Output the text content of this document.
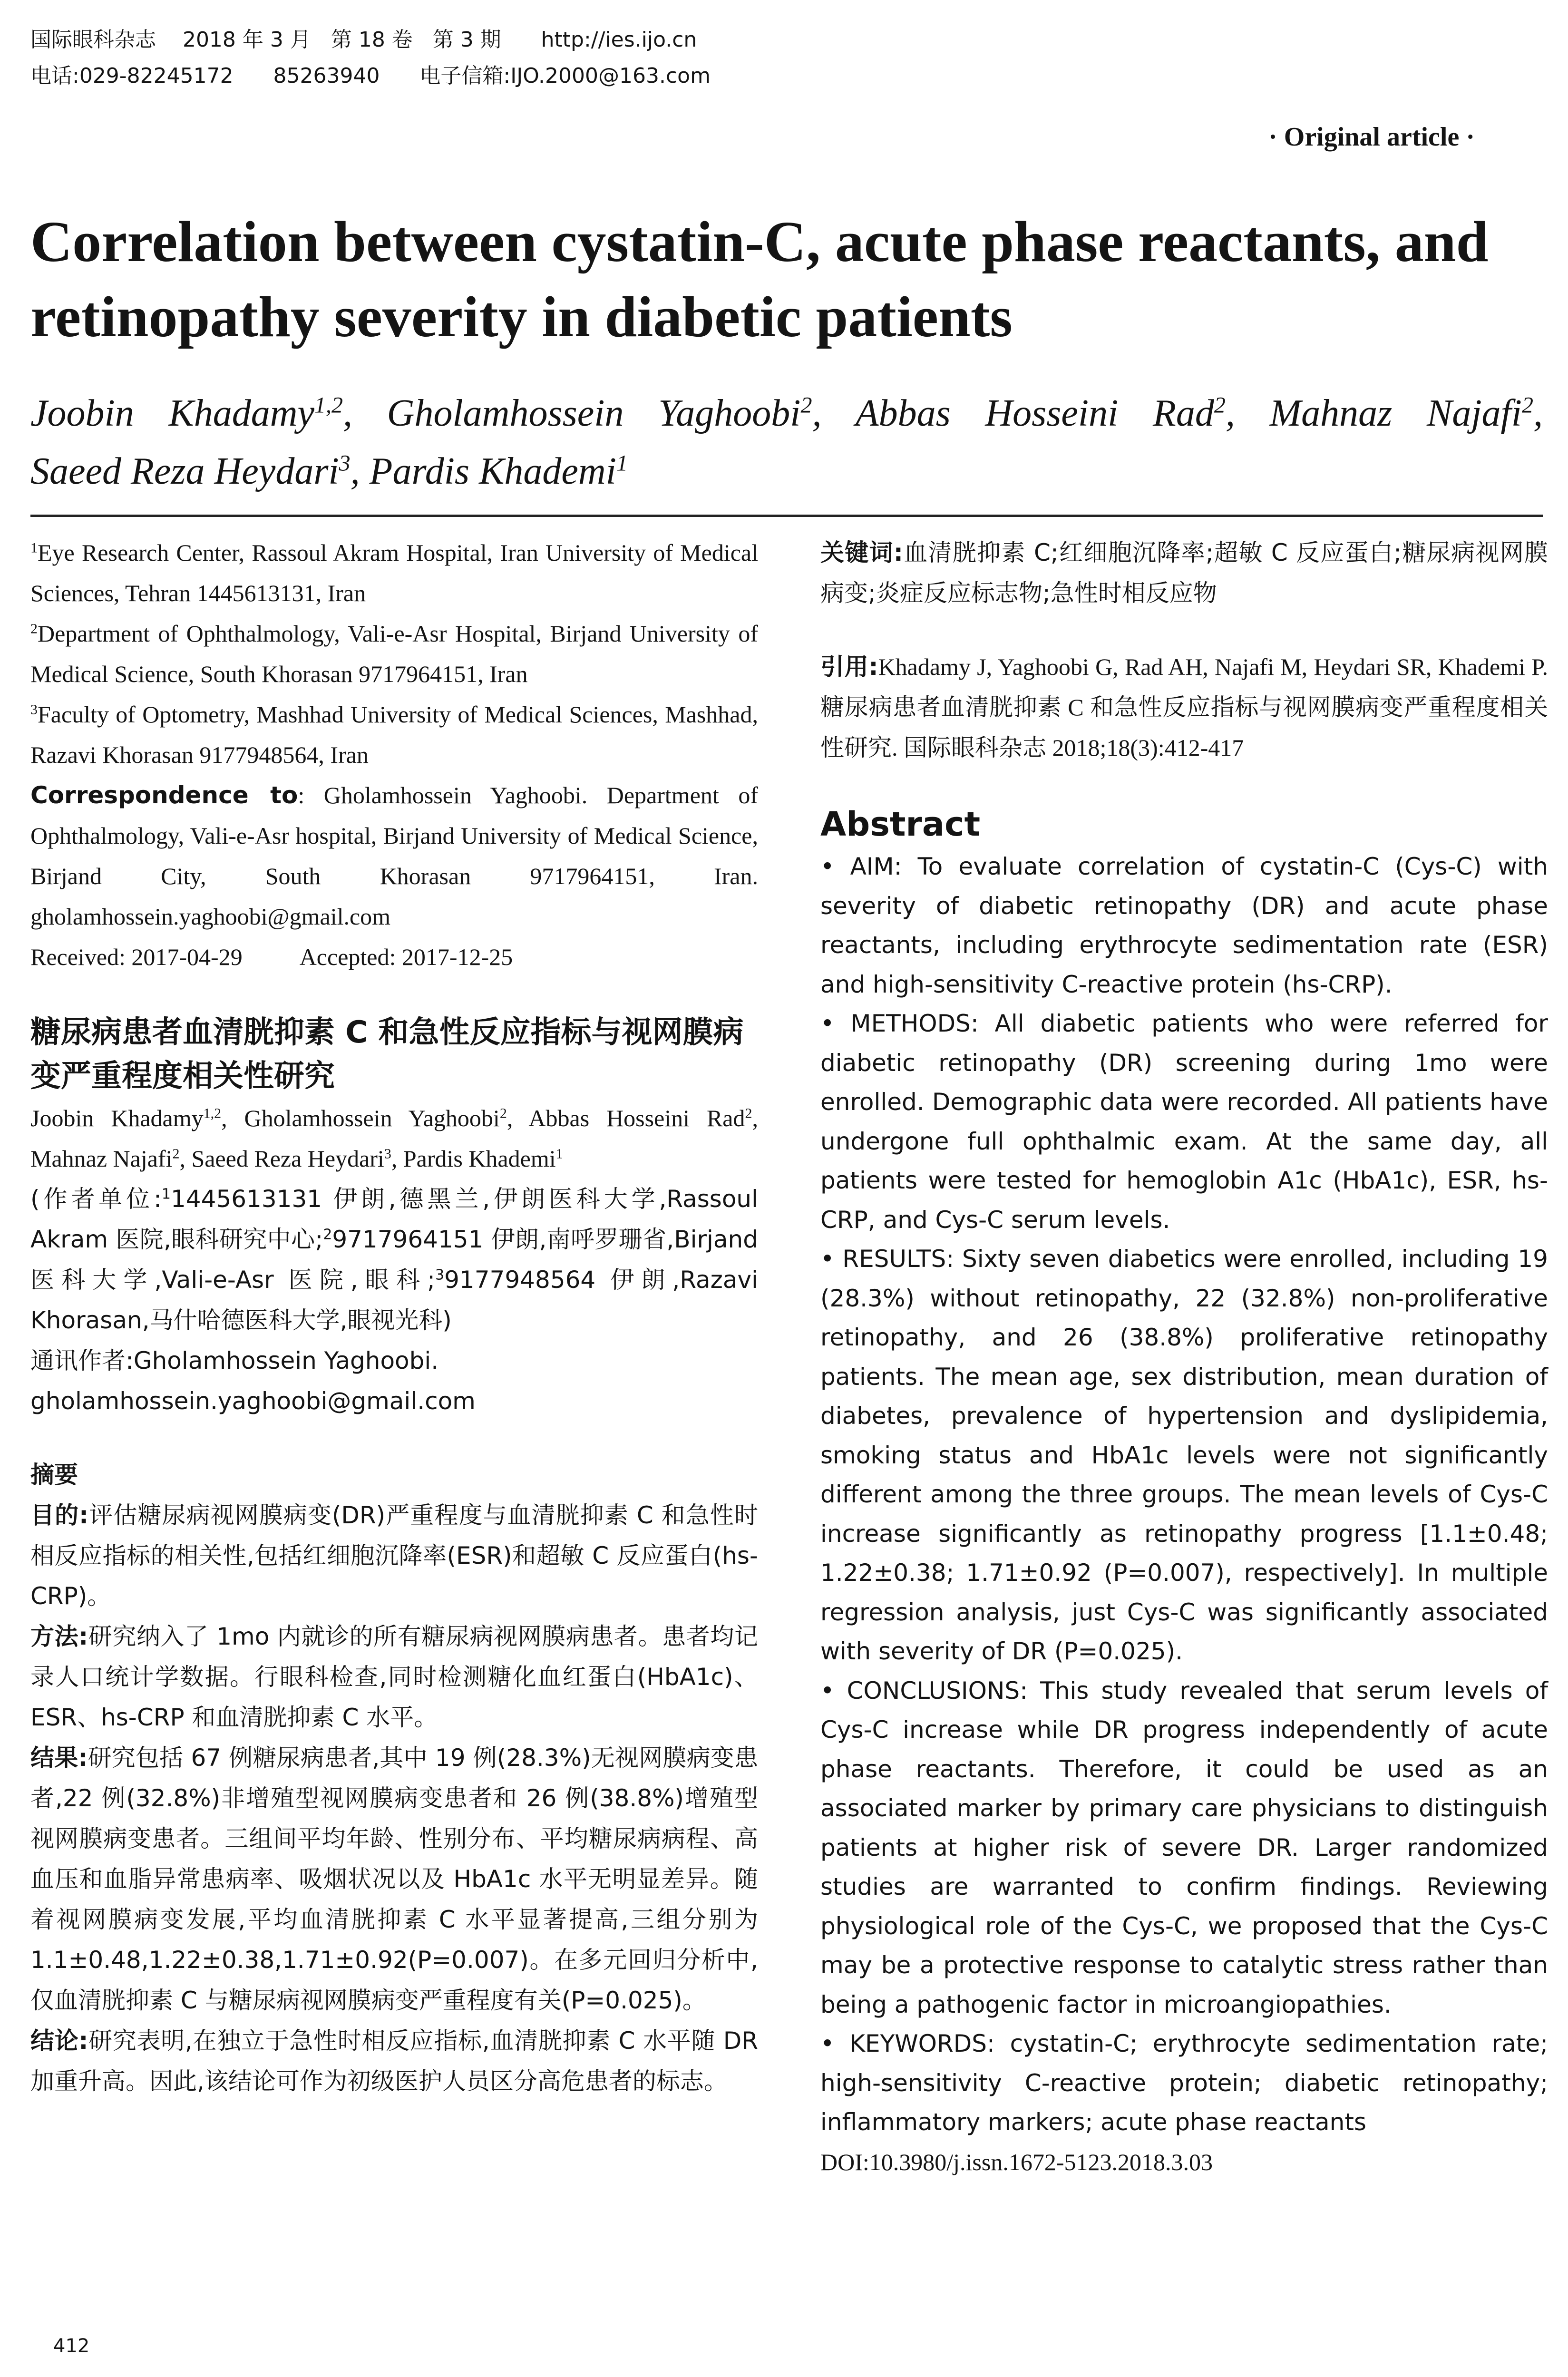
国际眼科杂志    2018 年 3 月   第 18 卷   第 3 期      http://ies.ijo.cn
电话:029-82245172      85263940      电子信箱:IJO.2000@163.com
· Original article ·
Correlation between cystatin-C, acute phase reactants, and retinopathy severity in diabetic patients
Joobin Khadamy$^{1,2}$, Gholamhossein Yaghoobi$^2$, Abbas Hosseini Rad$^2$, Mahnaz Najafi$^2$,
Saeed Reza Heydari$^3$, Pardis Khademi$^1$

$^1$Eye Research Center, Rassoul Akram Hospital, Iran University of Medical Sciences, Tehran 1445613131, Iran

$^2$Department of Ophthalmology, Vali-e-Asr Hospital, Birjand University of Medical Science, South Khorasan 9717964151, Iran

$^3$Faculty of Optometry, Mashhad University of Medical Sciences, Mashhad, Razavi Khorasan 9177948564, Iran

Correspondence to: Gholamhossein Yaghoobi. Department of Ophthalmology, Vali-e-Asr hospital, Birjand University of Medical Science, Birjand City, South Khorasan 9717964151, Iran. gholamhossein.yaghoobi@gmail.com

Received: 2017-04-29 Accepted: 2017-12-25

糖尿病患者血清胱抑素 C 和急性反应指标与视网膜病变严重程度相关性研究

Joobin Khadamy$^{1,2}$, Gholamhossein Yaghoobi$^2$, Abbas Hosseini Rad$^2$, Mahnaz Najafi$^2$, Saeed Reza Heydari$^3$, Pardis Khademi$^1$

(作者单位:$^1$1445613131 伊朗,德黑兰,伊朗医科大学,Rassoul Akram 医院,眼科研究中心;$^2$9717964151 伊朗,南呼罗珊省,Birjand 医科大学,Vali-e-Asr 医院,眼科;$^3$9177948564 伊朗,Razavi Khorasan,马什哈德医科大学,眼视光科)

通讯作者:Gholamhossein Yaghoobi. gholamhossein.yaghoobi@gmail.com

摘要

目的:评估糖尿病视网膜病变(DR)严重程度与血清胱抑素 C 和急性时相反应指标的相关性,包括红细胞沉降率(ESR)和超敏 C 反应蛋白(hs-CRP)。

方法:研究纳入了 1mo 内就诊的所有糖尿病视网膜病患者。患者均记录人口统计学数据。行眼科检查,同时检测糖化血红蛋白(HbA1c)、ESR、hs-CRP 和血清胱抑素 C 水平。

结果:研究包括 67 例糖尿病患者,其中 19 例(28.3%)无视网膜病变患者,22 例(32.8%)非增殖型视网膜病变患者和 26 例(38.8%)增殖型视网膜病变患者。三组间平均年龄、性别分布、平均糖尿病病程、高血压和血脂异常患病率、吸烟状况以及 HbA1c 水平无明显差异。随着视网膜病变发展,平均血清胱抑素 C 水平显著提高,三组分别为 1.1±0.48,1.22±0.38,1.71±0.92(P=0.007)。在多元回归分析中,仅血清胱抑素 C 与糖尿病视网膜病变严重程度有关(P=0.025)。

结论:研究表明,在独立于急性时相反应指标,血清胱抑素 C 水平随 DR 加重升高。因此,该结论可作为初级医护人员区分高危患者的标志。

关键词:血清胱抑素 C;红细胞沉降率;超敏 C 反应蛋白;糖尿病视网膜病变;炎症反应标志物;急性时相反应物

引用:Khadamy J, Yaghoobi G, Rad AH, Najafi M, Heydari SR, Khademi P. 糖尿病患者血清胱抑素 C 和急性反应指标与视网膜病变严重程度相关性研究. 国际眼科杂志 2018;18(3):412-417

Abstract

• AIM: To evaluate correlation of cystatin-C (Cys-C) with severity of diabetic retinopathy (DR) and acute phase reactants, including erythrocyte sedimentation rate (ESR) and high-sensitivity C-reactive protein (hs-CRP).

• METHODS: All diabetic patients who were referred for diabetic retinopathy (DR) screening during 1mo were enrolled. Demographic data were recorded. All patients have undergone full ophthalmic exam. At the same day, all patients were tested for hemoglobin A1c (HbA1c), ESR, hs-CRP, and Cys-C serum levels.

• RESULTS: Sixty seven diabetics were enrolled, including 19 (28.3%) without retinopathy, 22 (32.8%) non-proliferative retinopathy, and 26 (38.8%) proliferative retinopathy patients. The mean age, sex distribution, mean duration of diabetes, prevalence of hypertension and dyslipidemia, smoking status and HbA1c levels were not significantly different among the three groups. The mean levels of Cys-C increase significantly as retinopathy progress [1.1±0.48; 1.22±0.38; 1.71±0.92 (P=0.007), respectively]. In multiple regression analysis, just Cys-C was significantly associated with severity of DR (P=0.025).

• CONCLUSIONS: This study revealed that serum levels of Cys-C increase while DR progress independently of acute phase reactants. Therefore, it could be used as an associated marker by primary care physicians to distinguish patients at higher risk of severe DR. Larger randomized studies are warranted to confirm findings. Reviewing physiological role of the Cys-C, we proposed that the Cys-C may be a protective response to catalytic stress rather than being a pathogenic factor in microangiopathies.

• KEYWORDS: cystatin-C; erythrocyte sedimentation rate; high-sensitivity C-reactive protein; diabetic retinopathy; inflammatory markers; acute phase reactants

DOI:10.3980/j.issn.1672-5123.2018.3.03

412
